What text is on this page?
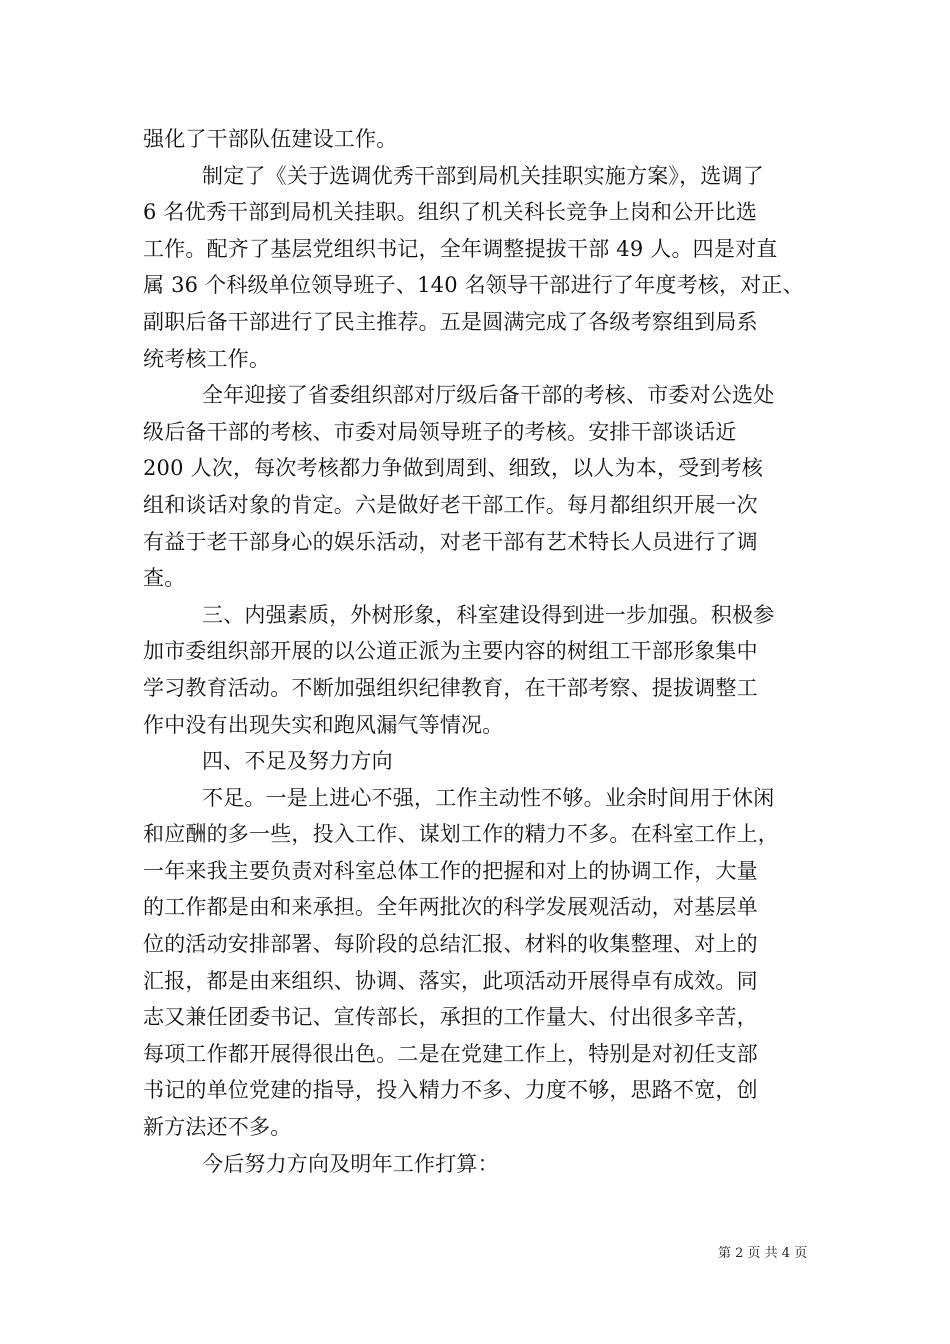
强化了干部队伍建设工作。
制定了《关于选调优秀干部到局机关挂职实施方案》，选调了
6 名优秀干部到局机关挂职。组织了机关科长竞争上岗和公开比选
工作。配齐了基层党组织书记，全年调整提拔干部 49 人。四是对直
属 36 个科级单位领导班子、140 名领导干部进行了年度考核，对正、
副职后备干部进行了民主推荐。五是圆满完成了各级考察组到局系
统考核工作。
全年迎接了省委组织部对厅级后备干部的考核、市委对公选处
级后备干部的考核、市委对局领导班子的考核。安排干部谈话近
200 人次，每次考核都力争做到周到、细致，以人为本，受到考核
组和谈话对象的肯定。六是做好老干部工作。每月都组织开展一次
有益于老干部身心的娱乐活动，对老干部有艺术特长人员进行了调
查。
三、内强素质，外树形象，科室建设得到进一步加强。积极参
加市委组织部开展的以公道正派为主要内容的树组工干部形象集中
学习教育活动。不断加强组织纪律教育，在干部考察、提拔调整工
作中没有出现失实和跑风漏气等情况。
四、不足及努力方向
不足。一是上进心不强，工作主动性不够。业余时间用于休闲
和应酬的多一些，投入工作、谋划工作的精力不多。在科室工作上，
一年来我主要负责对科室总体工作的把握和对上的协调工作，大量
的工作都是由和来承担。全年两批次的科学发展观活动，对基层单
位的活动安排部署、每阶段的总结汇报、材料的收集整理、对上的
汇报，都是由来组织、协调、落实，此项活动开展得卓有成效。同
志又兼任团委书记、宣传部长，承担的工作量大、付出很多辛苦，
每项工作都开展得很出色。二是在党建工作上，特别是对初任支部
书记的单位党建的指导，投入精力不多、力度不够，思路不宽，创
新方法还不多。
今后努力方向及明年工作打算：
第 2 页 共 4 页
